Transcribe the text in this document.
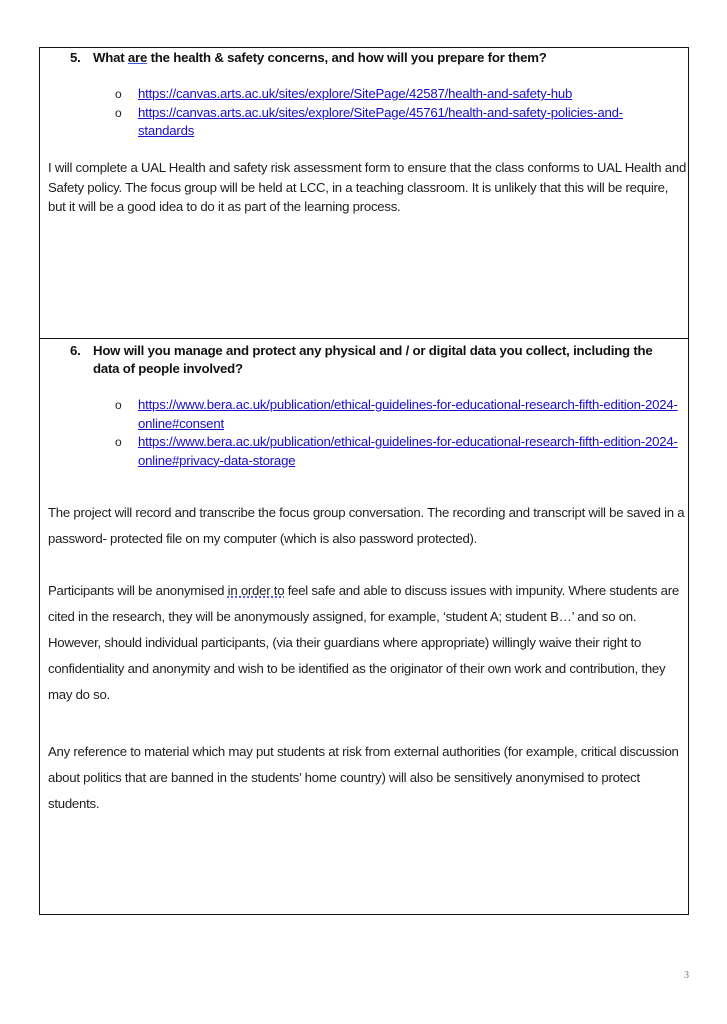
5. What are the health & safety concerns, and how will you prepare for them?
o https://canvas.arts.ac.uk/sites/explore/SitePage/42587/health-and-safety-hub
o https://canvas.arts.ac.uk/sites/explore/SitePage/45761/health-and-safety-policies-and-standards

I will complete a UAL Health and safety risk assessment form to ensure that the class conforms to UAL Health and Safety policy. The focus group will be held at LCC, in a teaching classroom. It is unlikely that this will be require, but it will be a good idea to do it as part of the learning process.

6. How will you manage and protect any physical and / or digital data you collect, including the data of people involved?
o https://www.bera.ac.uk/publication/ethical-guidelines-for-educational-research-fifth-edition-2024-online#consent
o https://www.bera.ac.uk/publication/ethical-guidelines-for-educational-research-fifth-edition-2024-online#privacy-data-storage

The project will record and transcribe the focus group conversation. The recording and transcript will be saved in a password- protected file on my computer (which is also password protected).

Participants will be anonymised in order to feel safe and able to discuss issues with impunity. Where students are cited in the research, they will be anonymously assigned, for example, ‘student A; student B…’ and so on. However, should individual participants, (via their guardians where appropriate) willingly waive their right to confidentiality and anonymity and wish to be identified as the originator of their own work and contribution, they may do so.

Any reference to material which may put students at risk from external authorities (for example, critical discussion about politics that are banned in the students’ home country) will also be sensitively anonymised to protect students.

3
